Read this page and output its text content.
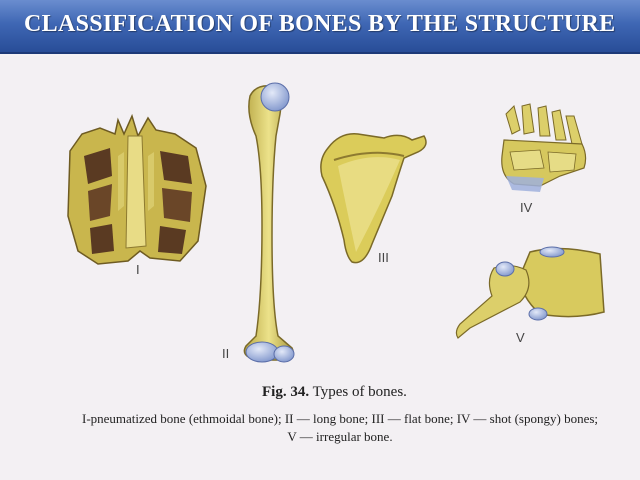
CLASSIFICATION OF BONES BY THE STRUCTURE
I
II
III
IV
V
Fig. 34. Types of bones.
I-pneumatized bone (ethmoidal bone); II — long bone; III — flat bone; IV — shot (spongy) bones;
V — irregular bone.
